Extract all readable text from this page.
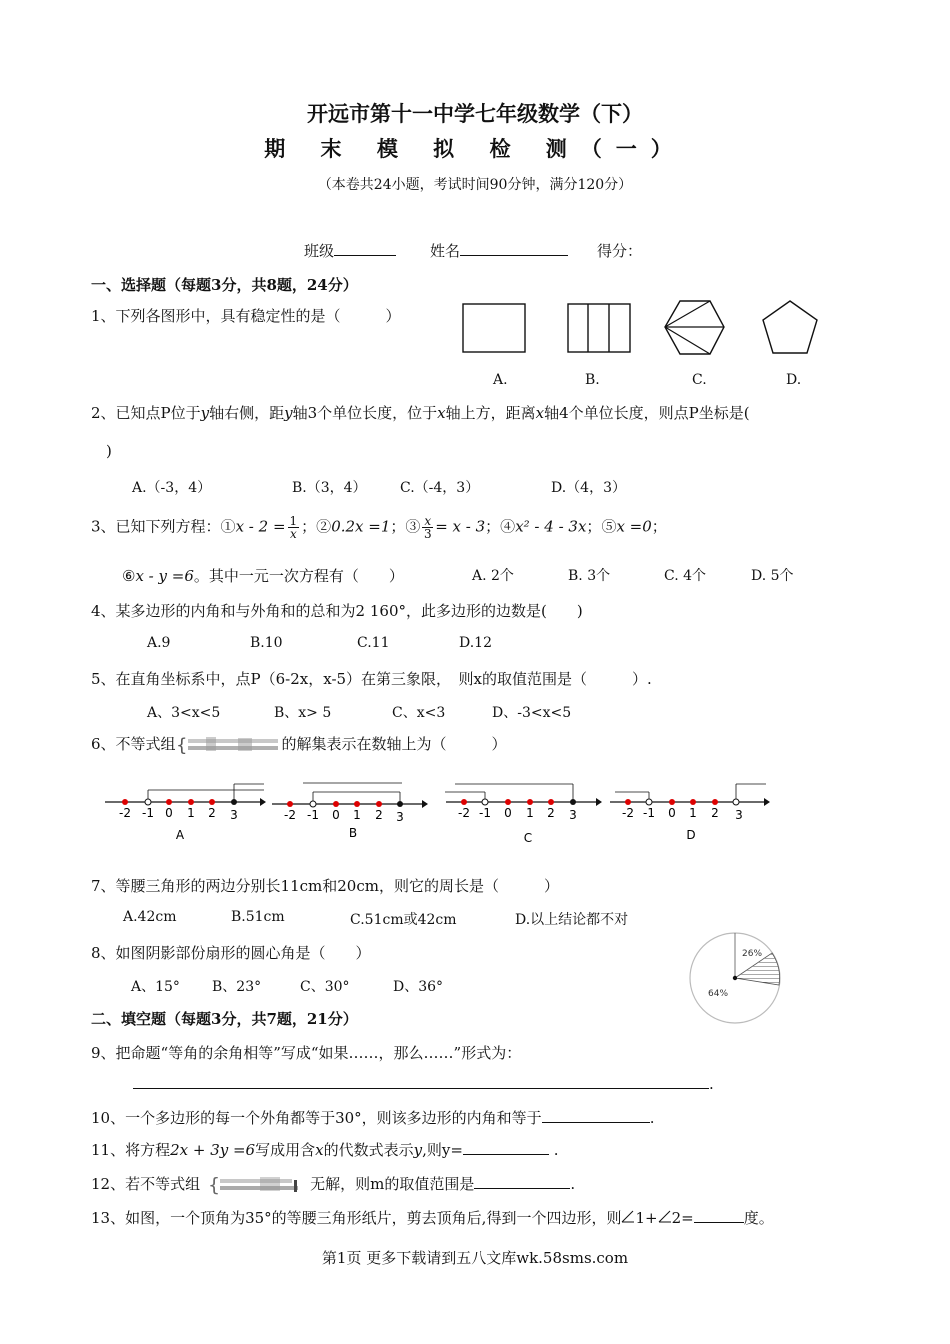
开远市第十一中学七年级数学（下）
期 末 模 拟 检 测（一）
（本卷共24小题，考试时间90分钟，满分120分）
班级	姓名	得分：
一、选择题（每题3分，共8题，24分）
1、下列各图形中，具有稳定性的是（　　　）
A.	B.	C.	D.
2、已知点P位于y轴右侧，距y轴3个单位长度，位于x轴上方，距离x轴4个单位长度，则点P坐标是(
)
A.（-3，4）	B.（3，4） C.（-4，3）	D.（4，3）
3、已知下列方程：①x - $2 = \frac{1}{x}$ ；②0.2x =1；③ $\frac{x}{3} = x - 3$；④x² - 4 - 3x；⑤x =0；
⑥x - y =6。其中一元一次方程有（　　）	A. 2个	B. 3个	C. 4个	D. 5个
4、某多边形的内角和与外角和的总和为2 160°，此多边形的边数是(　　)
A.9	B.10	C.11	D.12
5、在直角坐标系中，点P（6-2x，x-5）在第三象限，　则x的取值范围是（　　　）.
A、3<x<5	B、x> 5	C、x<3	D、-3<x<5
6、不等式组 {	的解集表示在数轴上为（　　　）
-2 -1 0 1 2 3
A
-2 -1 0 1 2 3
B
-2 -1 0 1 2 3
C
-2 -1 0 1 2 3
D
7、等腰三角形的两边分别长11cm和20cm，则它的周长是（　　　）
A.42cm	B.51cm	C.51cm或42cm	D.以上结论都不对
8、如图阴影部份扇形的圆心角是（　　）
A、15° B、23°	C、30°	D、36°
26%
64%
二、填空题（每题3分，共7题，21分）
9、把命题“等角的余角相等”写成“如果……，那么……”形式为：
.
10、一个多边形的每一个外角都等于30°，则该多边形的内角和等于	.
11、将方程2x + 3y =6写成用含x的代数式表示y,则y=	.
12、若不等式组 {	无解，则m的取值范围是	.
13、如图，一个顶角为35°的等腰三角形纸片，剪去顶角后,得到一个四边形，则 1+ 2=	度。
第1页 更多下载请到五八文库wk.58sms.com
